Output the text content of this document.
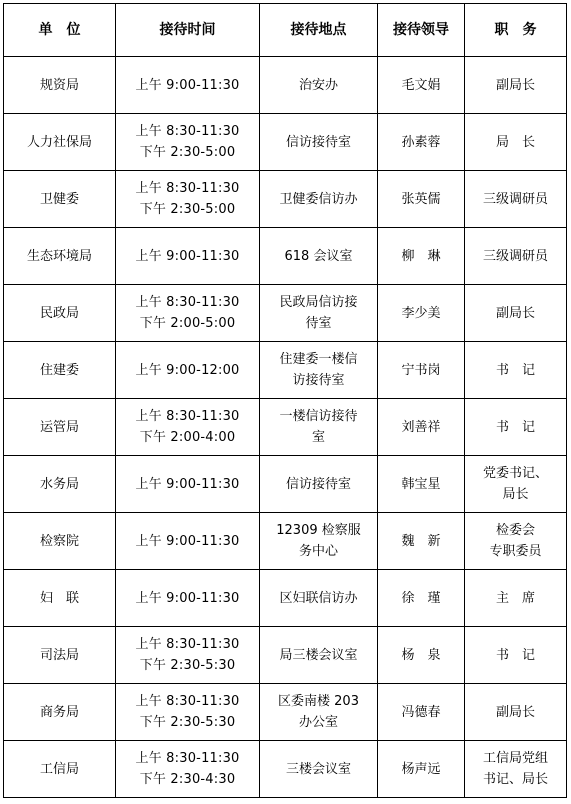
单　位	接待时间	接待地点	接待领导	职　务
规资局	上午 9:00-11:30	治安办	毛文娟	副局长

人力社保局	上午 8:30-11:30
下午 2:30-5:00	信访接待室	孙素蓉	局　长

卫健委	上午 8:30-11:30
下午 2:30-5:00	卫健委信访办	张英儒	三级调研员

生态环境局	上午 9:00-11:30	618 会议室	柳　琳	三级调研员

民政局	上午 8:30-11:30
下午 2:00-5:00	民政局信访接
待室	李少美	副局长

住建委	上午 9:00-12:00	住建委一楼信
访接待室	宁书岗	书　记

运管局	上午 8:30-11:30
下午 2:00-4:00	一楼信访接待
室	刘善祥	书　记

水务局	上午 9:00-11:30	信访接待室	韩宝星	党委书记、
局长

检察院	上午 9:00-11:30	12309 检察服
务中心	魏　新	检委会
专职委员

妇　联	上午 9:00-11:30	区妇联信访办	徐　瑾	主　席

司法局	上午 8:30-11:30
下午 2:30-5:30	局三楼会议室	杨　泉	书　记

商务局	上午 8:30-11:30
下午 2:30-5:30	区委南楼 203
办公室	冯德春	副局长

工信局	上午 8:30-11:30
下午 2:30-4:30	三楼会议室	杨声远	工信局党组
书记、局长
